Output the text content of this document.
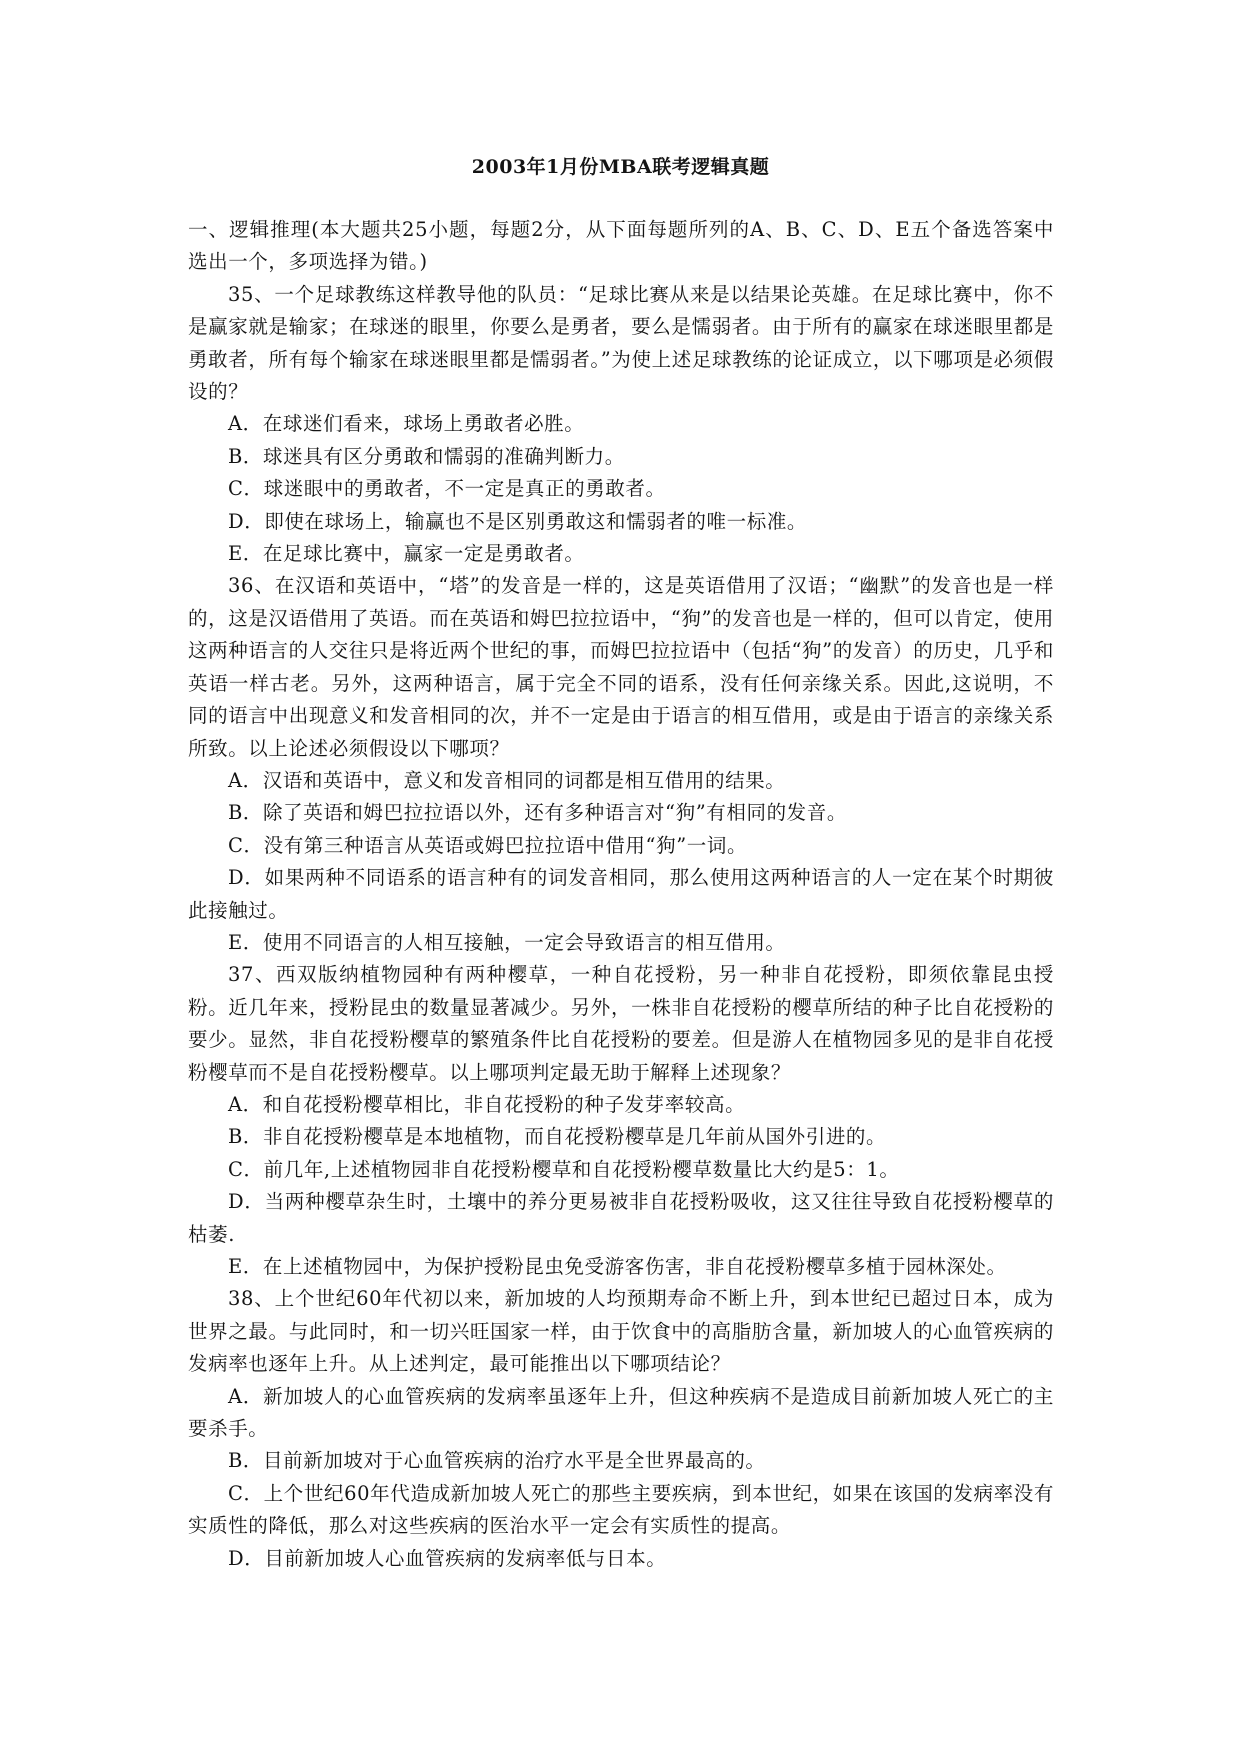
2003年1月份MBA联考逻辑真题

一、逻辑推理(本大题共25小题，每题2分，从下面每题所列的A、B、C、D、E五个备选答案中选出一个，多项选择为错。)

35、一个足球教练这样教导他的队员：“足球比赛从来是以结果论英雄。在足球比赛中，你不是赢家就是输家；在球迷的眼里，你要么是勇者，要么是懦弱者。由于所有的赢家在球迷眼里都是勇敢者，所有每个输家在球迷眼里都是懦弱者。”为使上述足球教练的论证成立，以下哪项是必须假设的？

A．在球迷们看来，球场上勇敢者必胜。

B．球迷具有区分勇敢和懦弱的准确判断力。

C．球迷眼中的勇敢者，不一定是真正的勇敢者。

D．即使在球场上，输赢也不是区别勇敢这和懦弱者的唯一标准。

E．在足球比赛中，赢家一定是勇敢者。

36、在汉语和英语中，“塔”的发音是一样的，这是英语借用了汉语；“幽默”的发音也是一样的，这是汉语借用了英语。而在英语和姆巴拉拉语中，“狗”的发音也是一样的，但可以肯定，使用这两种语言的人交往只是将近两个世纪的事，而姆巴拉拉语中（包括“狗”的发音）的历史，几乎和英语一样古老。另外，这两种语言，属于完全不同的语系，没有任何亲缘关系。因此,这说明，不同的语言中出现意义和发音相同的次，并不一定是由于语言的相互借用，或是由于语言的亲缘关系所致。以上论述必须假设以下哪项？

A．汉语和英语中，意义和发音相同的词都是相互借用的结果。

B．除了英语和姆巴拉拉语以外，还有多种语言对“狗”有相同的发音。

C．没有第三种语言从英语或姆巴拉拉语中借用“狗”一词。

D．如果两种不同语系的语言种有的词发音相同，那么使用这两种语言的人一定在某个时期彼此接触过。

E．使用不同语言的人相互接触，一定会导致语言的相互借用。

37、西双版纳植物园种有两种樱草，一种自花授粉，另一种非自花授粉，即须依靠昆虫授粉。近几年来，授粉昆虫的数量显著减少。另外，一株非自花授粉的樱草所结的种子比自花授粉的要少。显然，非自花授粉樱草的繁殖条件比自花授粉的要差。但是游人在植物园多见的是非自花授粉樱草而不是自花授粉樱草。以上哪项判定最无助于解释上述现象？

A．和自花授粉樱草相比，非自花授粉的种子发芽率较高。

B．非自花授粉樱草是本地植物，而自花授粉樱草是几年前从国外引进的。

C．前几年,上述植物园非自花授粉樱草和自花授粉樱草数量比大约是5：1。

D．当两种樱草杂生时，土壤中的养分更易被非自花授粉吸收，这又往往导致自花授粉樱草的枯萎.

E．在上述植物园中，为保护授粉昆虫免受游客伤害，非自花授粉樱草多植于园林深处。

38、上个世纪60年代初以来，新加坡的人均预期寿命不断上升，到本世纪已超过日本，成为世界之最。与此同时，和一切兴旺国家一样，由于饮食中的高脂肪含量，新加坡人的心血管疾病的发病率也逐年上升。从上述判定，最可能推出以下哪项结论？

A．新加坡人的心血管疾病的发病率虽逐年上升，但这种疾病不是造成目前新加坡人死亡的主要杀手。

B．目前新加坡对于心血管疾病的治疗水平是全世界最高的。

C．上个世纪60年代造成新加坡人死亡的那些主要疾病，到本世纪，如果在该国的发病率没有实质性的降低，那么对这些疾病的医治水平一定会有实质性的提高。

D．目前新加坡人心血管疾病的发病率低与日本。
